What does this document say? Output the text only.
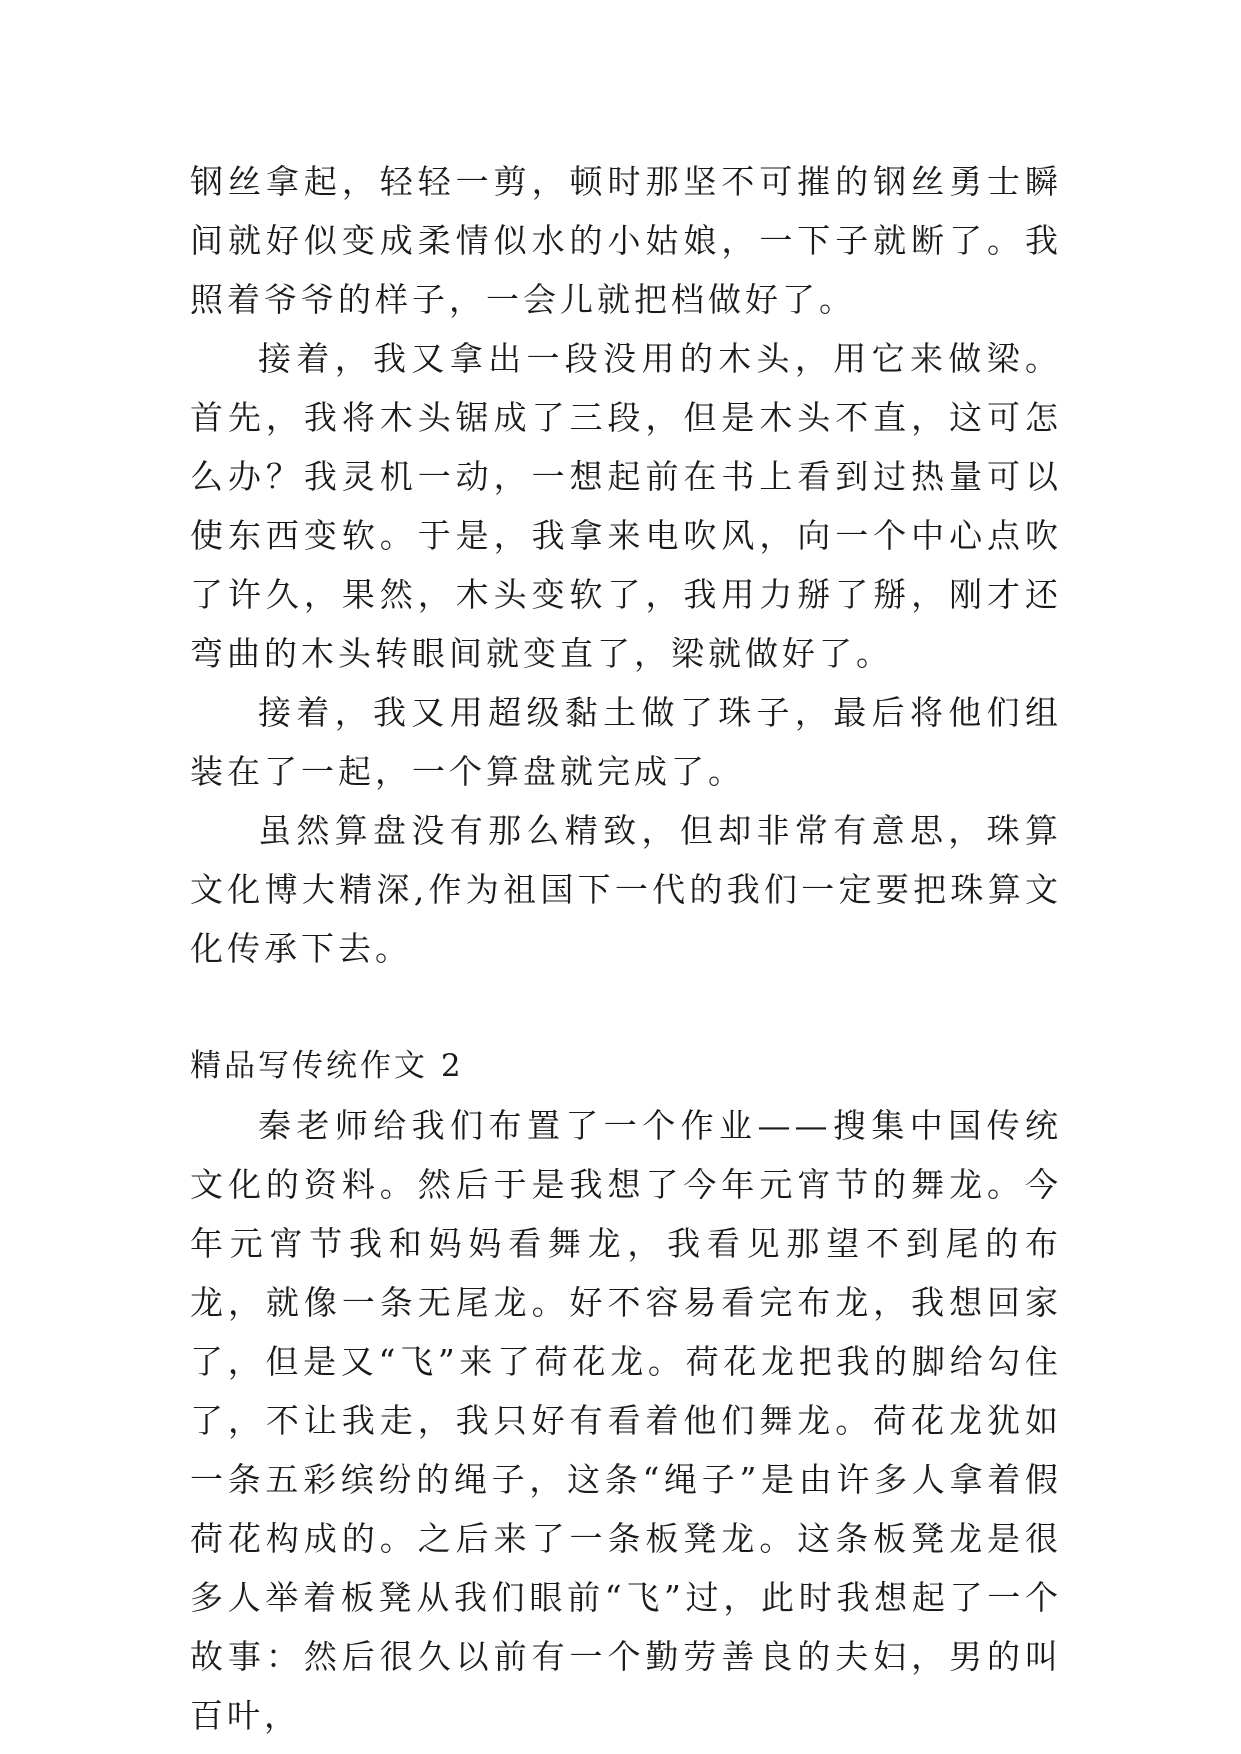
钢丝拿起，轻轻一剪，顿时那坚不可摧的钢丝勇士瞬间就好似变成柔情似水的小姑娘，一下子就断了。我照着爷爷的样子，一会儿就把档做好了。

接着，我又拿出一段没用的木头，用它来做梁。首先，我将木头锯成了三段，但是木头不直，这可怎么办？我灵机一动，一想起前在书上看到过热量可以使东西变软。于是，我拿来电吹风，向一个中心点吹了许久，果然，木头变软了，我用力掰了掰，刚才还弯曲的木头转眼间就变直了，梁就做好了。

接着，我又用超级黏土做了珠子，最后将他们组装在了一起，一个算盘就完成了。

虽然算盘没有那么精致，但却非常有意思，珠算文化博大精深,作为祖国下一代的我们一定要把珠算文化传承下去。

精品写传统作文 2

秦老师给我们布置了一个作业——搜集中国传统文化的资料。然后于是我想了今年元宵节的舞龙。今年元宵节我和妈妈看舞龙，我看见那望不到尾的布龙，就像一条无尾龙。好不容易看完布龙，我想回家了，但是又“飞”来了荷花龙。荷花龙把我的脚给勾住了，不让我走，我只好有看着他们舞龙。荷花龙犹如一条五彩缤纷的绳子，这条“绳子”是由许多人拿着假荷花构成的。之后来了一条板凳龙。这条板凳龙是很多人举着板凳从我们眼前“飞”过，此时我想起了一个故事：然后很久以前有一个勤劳善良的夫妇，男的叫百叶，
